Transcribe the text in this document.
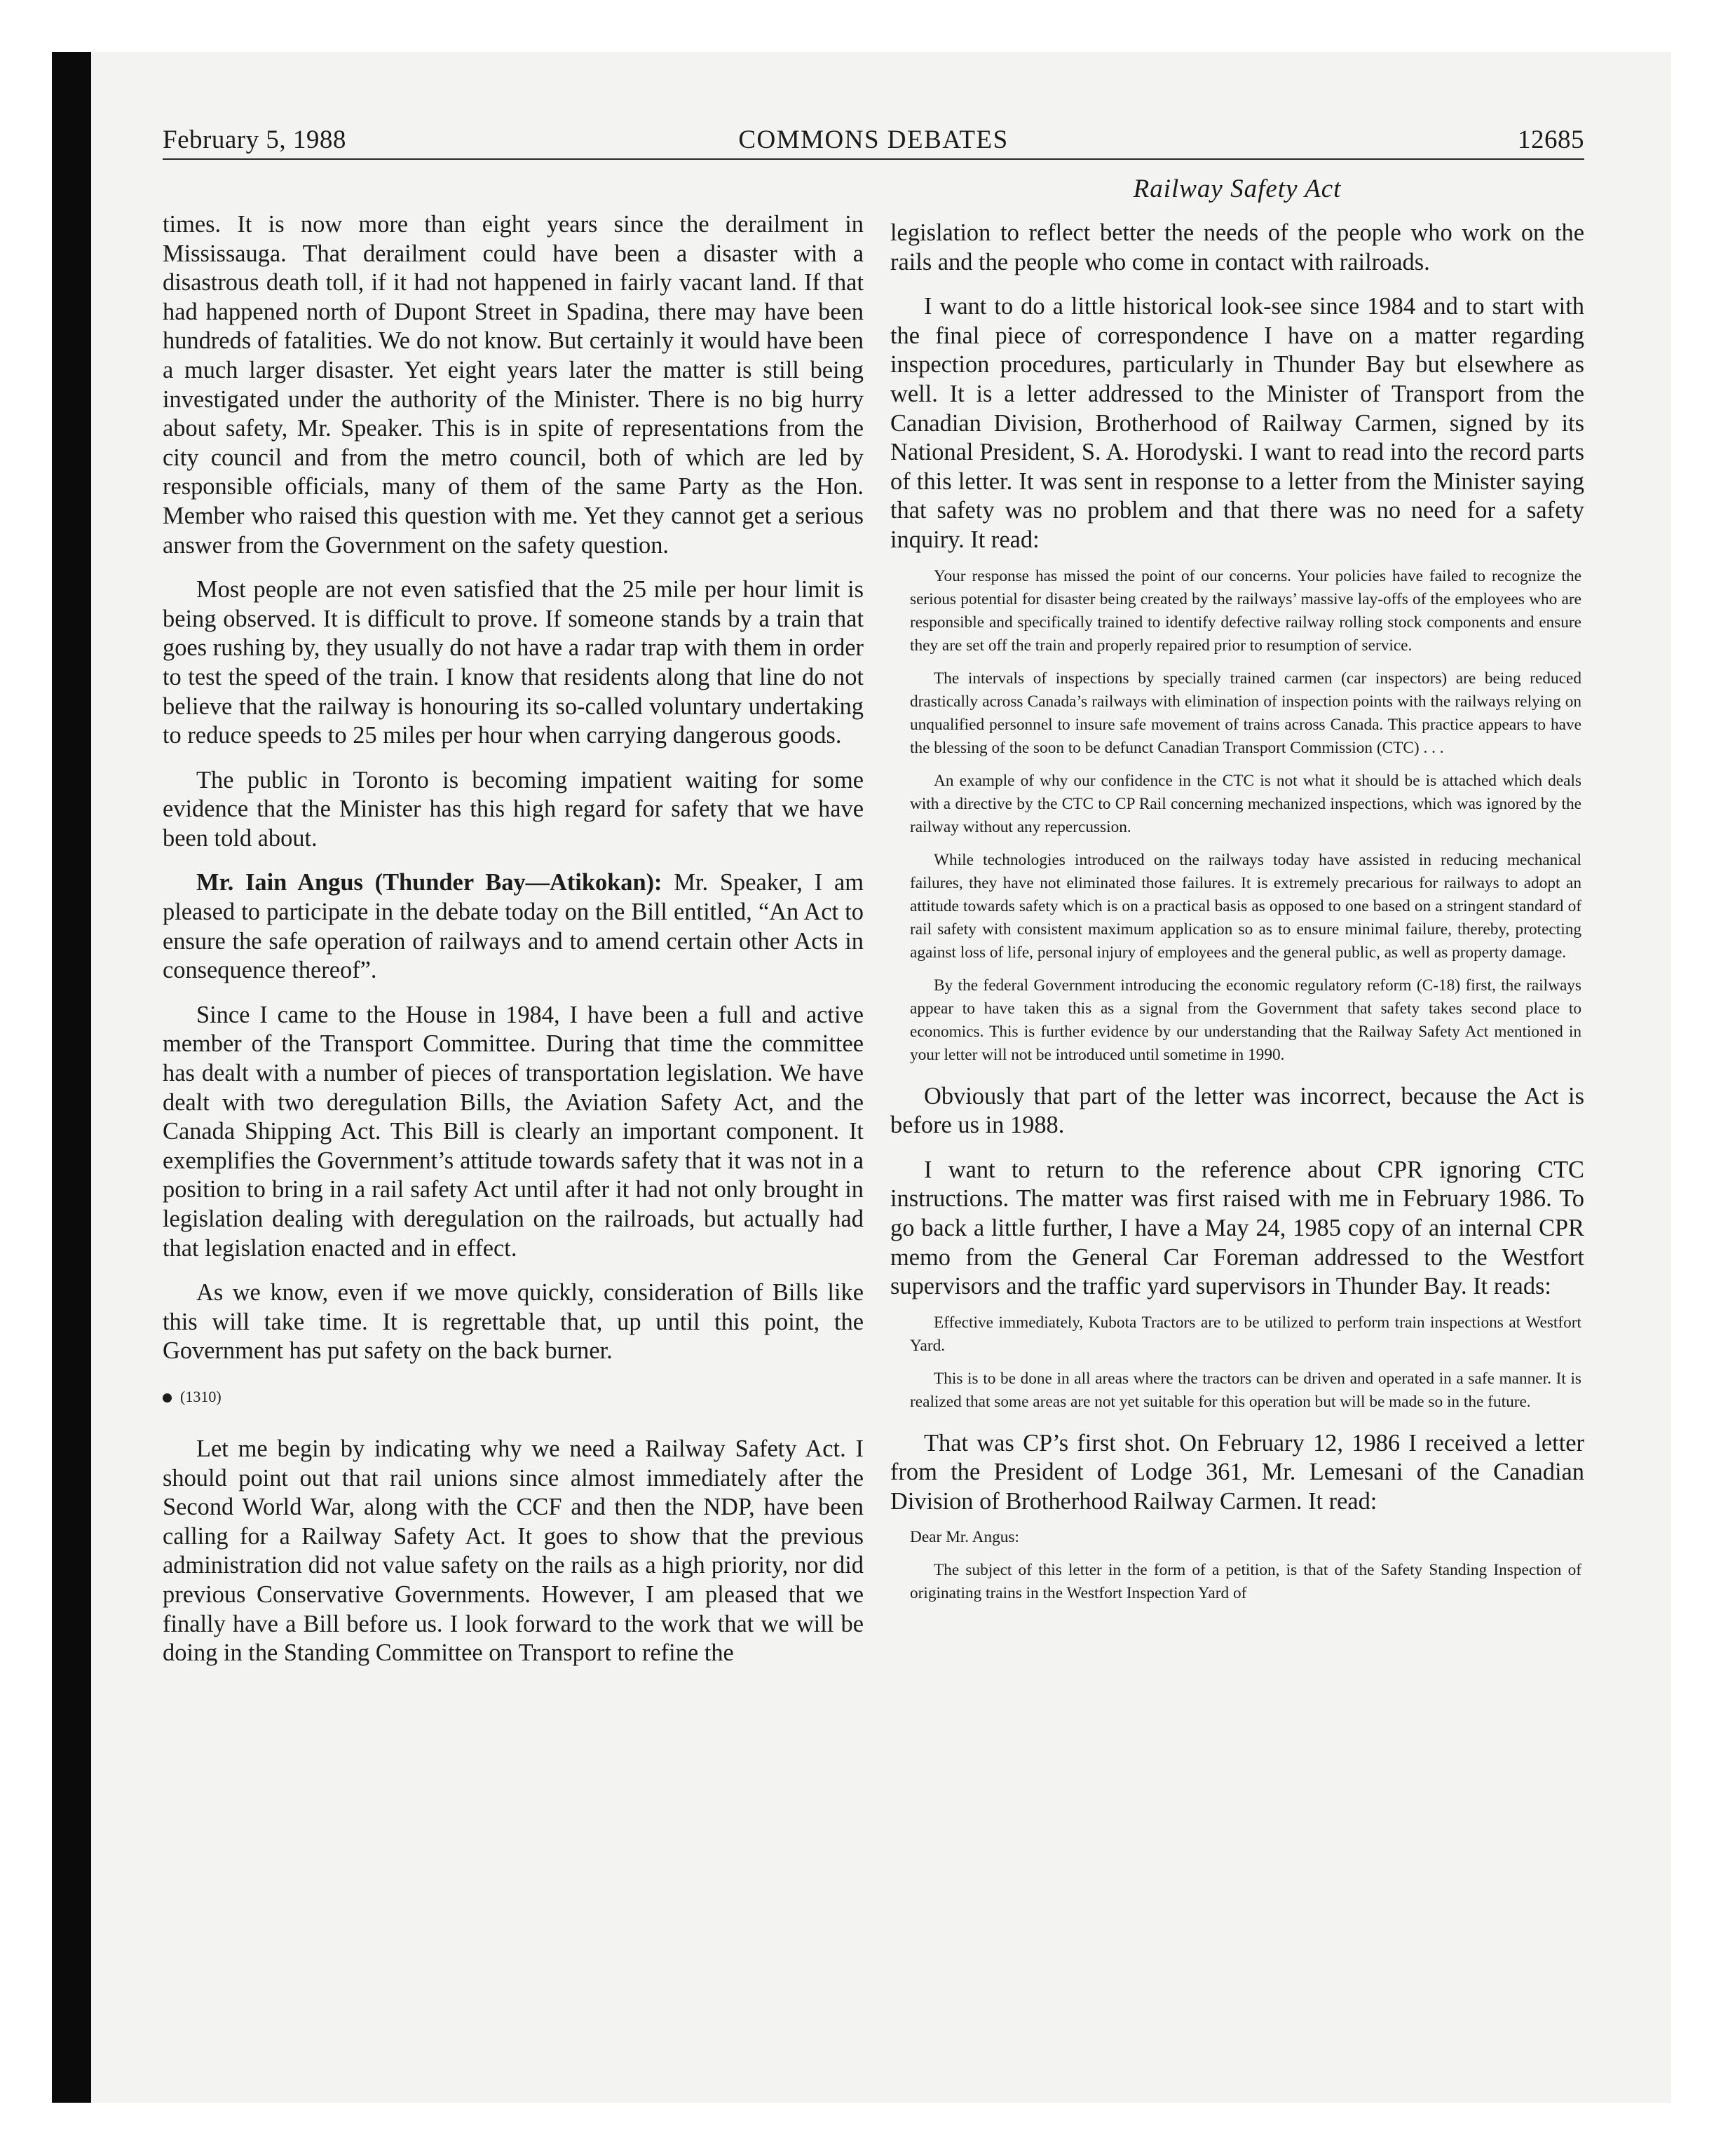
February 5, 1988	COMMONS DEBATES	12685
Railway Safety Act

times. It is now more than eight years since the derailment in Mississauga. That derailment could have been a disaster with a disastrous death toll, if it had not happened in fairly vacant land. If that had happened north of Dupont Street in Spadina, there may have been hundreds of fatalities. We do not know. But certainly it would have been a much larger disaster. Yet eight years later the matter is still being investigated under the authority of the Minister. There is no big hurry about safety, Mr. Speaker. This is in spite of representations from the city council and from the metro council, both of which are led by responsible officials, many of them of the same Party as the Hon. Member who raised this question with me. Yet they cannot get a serious answer from the Government on the safety question.

Most people are not even satisfied that the 25 mile per hour limit is being observed. It is difficult to prove. If someone stands by a train that goes rushing by, they usually do not have a radar trap with them in order to test the speed of the train. I know that residents along that line do not believe that the railway is honouring its so-called voluntary undertaking to reduce speeds to 25 miles per hour when carrying dangerous goods.

The public in Toronto is becoming impatient waiting for some evidence that the Minister has this high regard for safety that we have been told about.

Mr. Iain Angus (Thunder Bay—Atikokan): Mr. Speaker, I am pleased to participate in the debate today on the Bill entitled, “An Act to ensure the safe operation of railways and to amend certain other Acts in consequence thereof”.

Since I came to the House in 1984, I have been a full and active member of the Transport Committee. During that time the committee has dealt with a number of pieces of transportation legislation. We have dealt with two deregulation Bills, the Aviation Safety Act, and the Canada Shipping Act. This Bill is clearly an important component. It exemplifies the Government’s attitude towards safety that it was not in a position to bring in a rail safety Act until after it had not only brought in legislation dealing with deregulation on the railroads, but actually had that legislation enacted and in effect.

As we know, even if we move quickly, consideration of Bills like this will take time. It is regrettable that, up until this point, the Government has put safety on the back burner.

(1310)

Let me begin by indicating why we need a Railway Safety Act. I should point out that rail unions since almost immediately after the Second World War, along with the CCF and then the NDP, have been calling for a Railway Safety Act. It goes to show that the previous administration did not value safety on the rails as a high priority, nor did previous Conservative Governments. However, I am pleased that we finally have a Bill before us. I look forward to the work that we will be doing in the Standing Committee on Transport to refine the

legislation to reflect better the needs of the people who work on the rails and the people who come in contact with railroads.

I want to do a little historical look-see since 1984 and to start with the final piece of correspondence I have on a matter regarding inspection procedures, particularly in Thunder Bay but elsewhere as well. It is a letter addressed to the Minister of Transport from the Canadian Division, Brotherhood of Railway Carmen, signed by its National President, S. A. Horodyski. I want to read into the record parts of this letter. It was sent in response to a letter from the Minister saying that safety was no problem and that there was no need for a safety inquiry. It read:

Your response has missed the point of our concerns. Your policies have failed to recognize the serious potential for disaster being created by the railways’ massive lay-offs of the employees who are responsible and specifically trained to identify defective railway rolling stock components and ensure they are set off the train and properly repaired prior to resumption of service.

The intervals of inspections by specially trained carmen (car inspectors) are being reduced drastically across Canada’s railways with elimination of inspection points with the railways relying on unqualified personnel to insure safe movement of trains across Canada. This practice appears to have the blessing of the soon to be defunct Canadian Transport Commission (CTC) . . .

An example of why our confidence in the CTC is not what it should be is attached which deals with a directive by the CTC to CP Rail concerning mechanized inspections, which was ignored by the railway without any repercussion.

While technologies introduced on the railways today have assisted in reducing mechanical failures, they have not eliminated those failures. It is extremely precarious for railways to adopt an attitude towards safety which is on a practical basis as opposed to one based on a stringent standard of rail safety with consistent maximum application so as to ensure minimal failure, thereby, protecting against loss of life, personal injury of employees and the general public, as well as property damage.

By the federal Government introducing the economic regulatory reform (C-18) first, the railways appear to have taken this as a signal from the Government that safety takes second place to economics. This is further evidence by our understanding that the Railway Safety Act mentioned in your letter will not be introduced until sometime in 1990.

Obviously that part of the letter was incorrect, because the Act is before us in 1988.

I want to return to the reference about CPR ignoring CTC instructions. The matter was first raised with me in February 1986. To go back a little further, I have a May 24, 1985 copy of an internal CPR memo from the General Car Foreman addressed to the Westfort supervisors and the traffic yard supervisors in Thunder Bay. It reads:

Effective immediately, Kubota Tractors are to be utilized to perform train inspections at Westfort Yard.

This is to be done in all areas where the tractors can be driven and operated in a safe manner. It is realized that some areas are not yet suitable for this operation but will be made so in the future.

That was CP’s first shot. On February 12, 1986 I received a letter from the President of Lodge 361, Mr. Lemesani of the Canadian Division of Brotherhood Railway Carmen. It read:

Dear Mr. Angus:

The subject of this letter in the form of a petition, is that of the Safety Standing Inspection of originating trains in the Westfort Inspection Yard of
